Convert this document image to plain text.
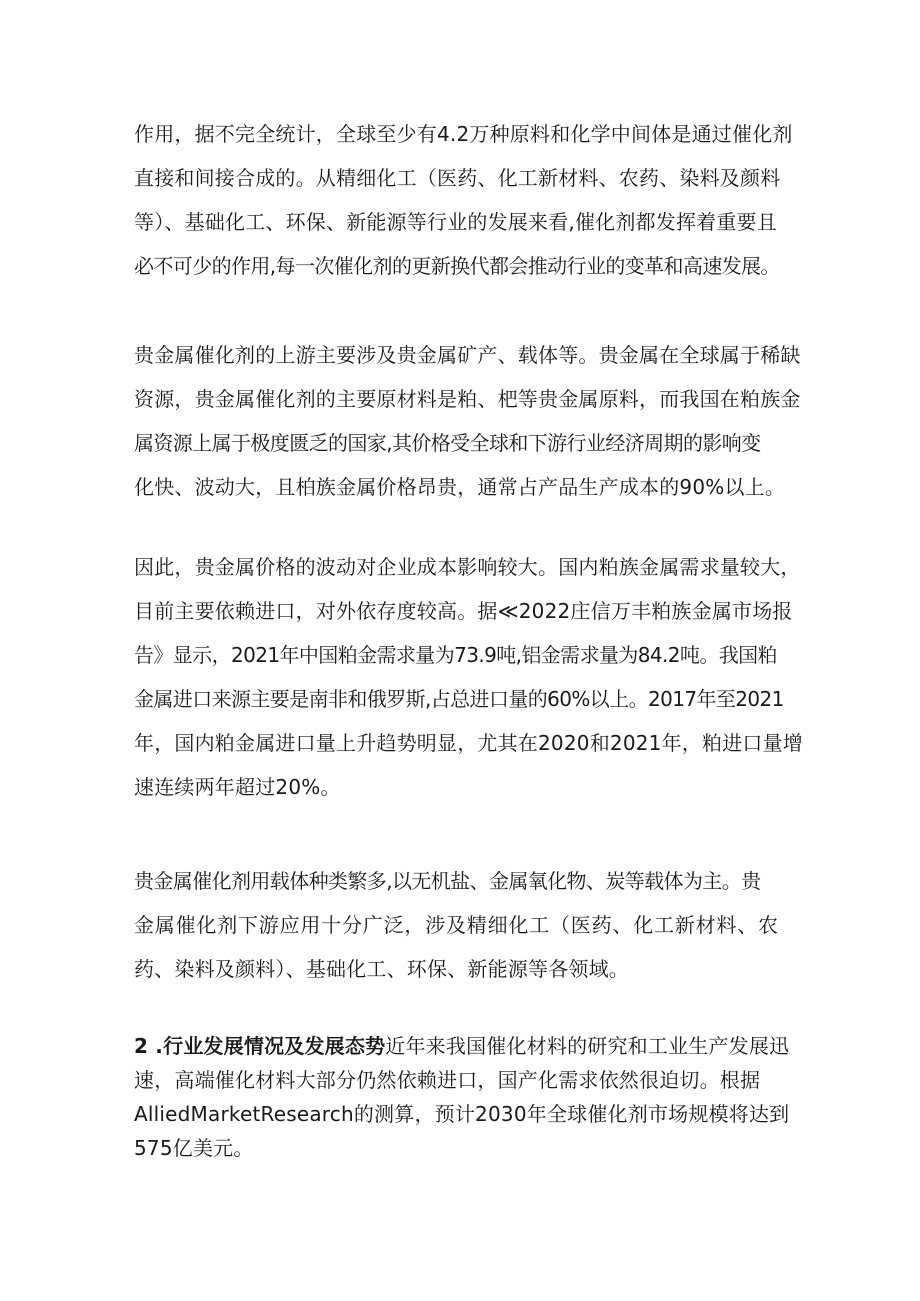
作用，据不完全统计，全球至少有4.2万种原料和化学中间体是通过催化剂
直接和间接合成的。从精细化工（医药、化工新材料、农药、染料及颜料
等）、基础化工、环保、新能源等行业的发展来看,催化剂都发挥着重要且
必不可少的作用,每一次催化剂的更新换代都会推动行业的变革和高速发展。
贵金属催化剂的上游主要涉及贵金属矿产、载体等。贵金属在全球属于稀缺
资源，贵金属催化剂的主要原材料是粕、杷等贵金属原料，而我国在粕族金
属资源上属于极度匮乏的国家,其价格受全球和下游行业经济周期的影响变
化快、波动大，且柏族金属价格昂贵，通常占产品生产成本的90%以上。
因此，贵金属价格的波动对企业成本影响较大。国内粕族金属需求量较大，
目前主要依赖进口，对外依存度较高。据≪2022庄信万丰粕族金属市场报
告》显示，2021年中国粕金需求量为73.9吨,铝金需求量为84.2吨。我国粕
金属进口来源主要是南非和俄罗斯,占总进口量的60%以上。2017年至2021
年，国内粕金属进口量上升趋势明显，尤其在2020和2021年，粕进口量增
速连续两年超过20%。
贵金属催化剂用载体种类繁多,以无机盐、金属氧化物、炭等载体为主。贵
金属催化剂下游应用十分广泛，涉及精细化工（医药、化工新材料、农
药、染料及颜料）、基础化工、环保、新能源等各领域。
2 .行业发展情况及发展态势近年来我国催化材料的研究和工业生产发展迅
速，高端催化材料大部分仍然依赖进口，国产化需求依然很迫切。根据
AlliedMarketResearch的测算，预计2030年全球催化剂市场规模将达到
575亿美元。
